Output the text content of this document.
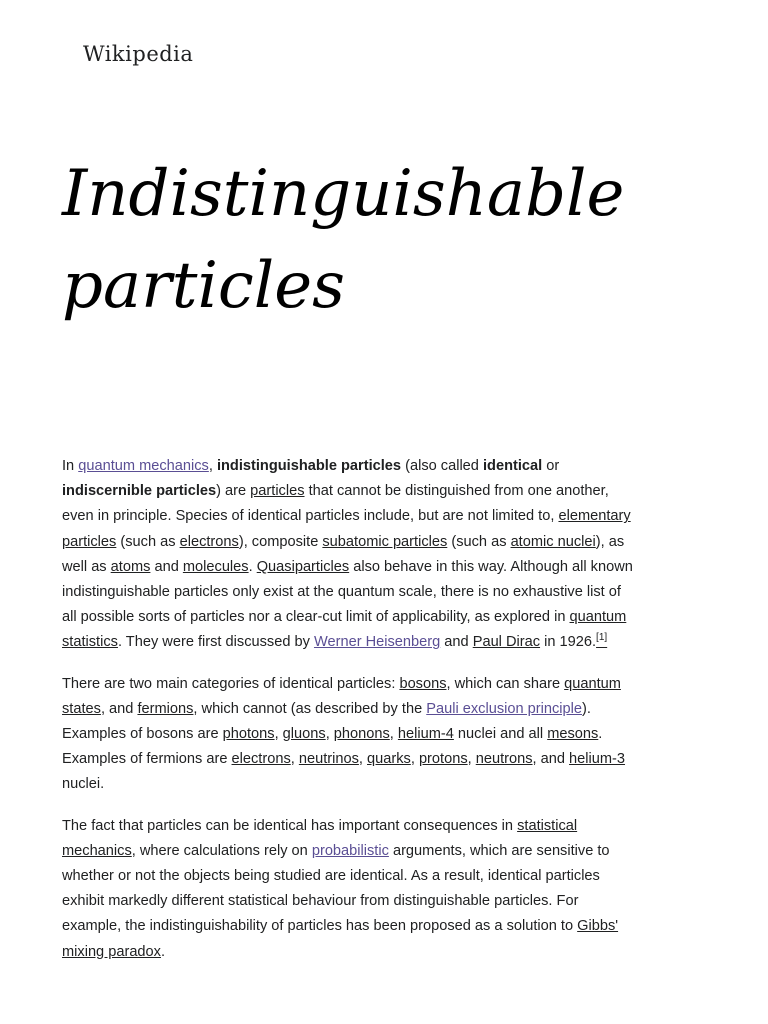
Wikipedia
Indistinguishable particles

In quantum mechanics, indistinguishable particles (also called identical or indiscernible particles) are particles that cannot be distinguished from one another, even in principle. Species of identical particles include, but are not limited to, elementary particles (such as electrons), composite subatomic particles (such as atomic nuclei), as well as atoms and molecules. Quasiparticles also behave in this way. Although all known indistinguishable particles only exist at the quantum scale, there is no exhaustive list of all possible sorts of particles nor a clear-cut limit of applicability, as explored in quantum statistics. They were first discussed by Werner Heisenberg and Paul Dirac in 1926.[1]

There are two main categories of identical particles: bosons, which can share quantum states, and fermions, which cannot (as described by the Pauli exclusion principle). Examples of bosons are photons, gluons, phonons, helium-4 nuclei and all mesons. Examples of fermions are electrons, neutrinos, quarks, protons, neutrons, and helium-3 nuclei.

The fact that particles can be identical has important consequences in statistical mechanics, where calculations rely on probabilistic arguments, which are sensitive to whether or not the objects being studied are identical. As a result, identical particles exhibit markedly different statistical behaviour from distinguishable particles. For example, the indistinguishability of particles has been proposed as a solution to Gibbs' mixing paradox.
